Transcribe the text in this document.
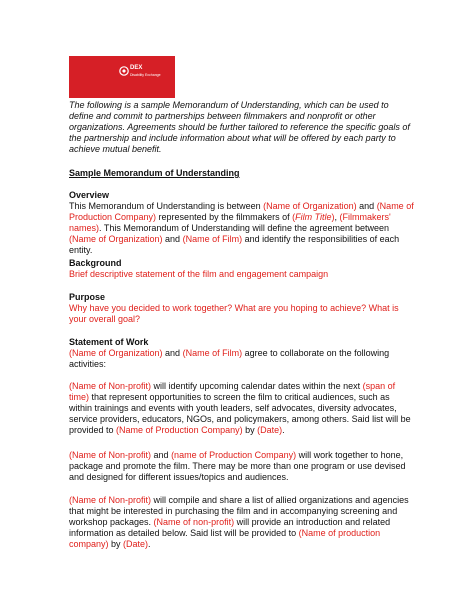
DEX
Disability Exchange
The following is a sample Memorandum of Understanding, which can be used to define and commit to partnerships between filmmakers and nonprofit or other organizations. Agreements should be further tailored to reference the specific goals of the partnership and include information about what will be offered by each party to achieve mutual benefit.
Sample Memorandum of Understanding
Overview

This Memorandum of Understanding is between (Name of Organization) and (Name of Production Company) represented by the filmmakers of (Film Title), (Filmmakers' names). This Memorandum of Understanding will define the agreement between (Name of Organization) and (Name of Film) and identify the responsibilities of each entity.

Background
Brief descriptive statement of the film and engagement campaign
Purpose
Why have you decided to work together? What are you hoping to achieve? What is your overall goal?
Statement of Work

(Name of Organization) and (Name of Film) agree to collaborate on the following activities:

(Name of Non-profit) will identify upcoming calendar dates within the next (span of time) that represent opportunities to screen the film to critical audiences, such as within trainings and events with youth leaders, self advocates, diversity advocates, service providers, educators, NGOs, and policymakers, among others. Said list will be provided to (Name of Production Company) by (Date).

(Name of Non-profit) and (name of Production Company) will work together to hone, package and promote the film. There may be more than one program or use devised and designed for different issues/topics and audiences.

(Name of Non-profit) will compile and share a list of allied organizations and agencies that might be interested in purchasing the film and in accompanying screening and workshop packages. (Name of non-profit) will provide an introduction and related information as detailed below. Said list will be provided to (Name of production company) by (Date).
